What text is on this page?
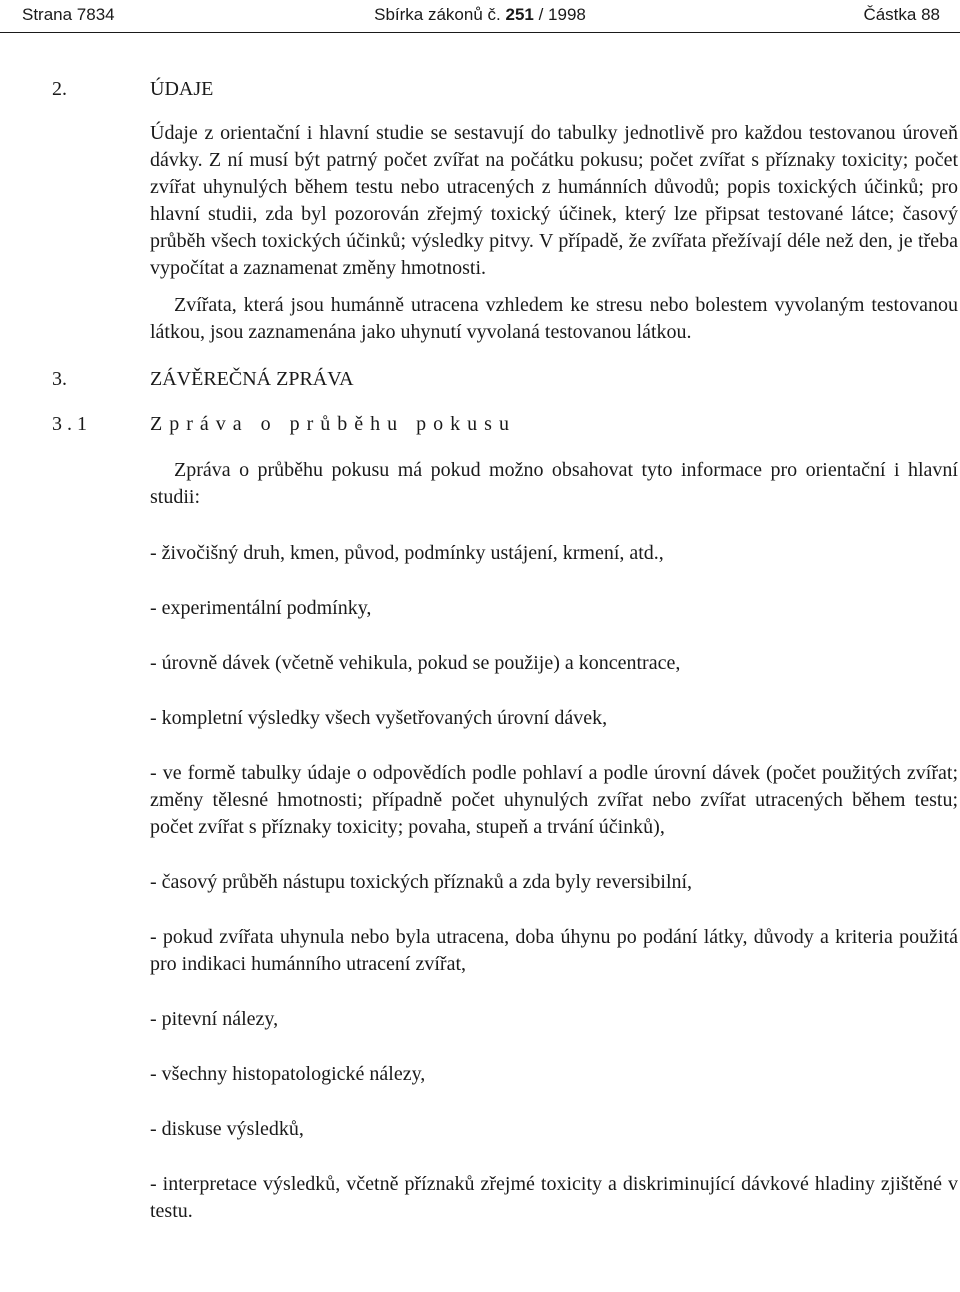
Strana 7834	Sbírka zákonů č. 251 / 1998	Částka 88
2.	ÚDAJE

Údaje z orientační i hlavní studie se sestavují do tabulky jednotlivě pro každou testovanou úroveň dávky. Z ní musí být patrný počet zvířat na počátku pokusu; počet zvířat s příznaky toxicity; počet zvířat uhynulých během testu nebo utracených z humánních důvodů; popis toxických účinků; pro hlavní studii, zda byl pozorován zřejmý toxický účinek, který lze připsat testované látce; časový průběh všech toxických účinků; výsledky pitvy. V případě, že zvířata přežívají déle než den, je třeba vypočítat a zaznamenat změny hmotnosti.

Zvířata, která jsou humánně utracena vzhledem ke stresu nebo bolestem vyvolaným testovanou látkou, jsou zaznamenána jako uhynutí vyvolaná testovanou látkou.

3.	ZÁVĚREČNÁ ZPRÁVA
3.1	Zpráva o průběhu pokusu

Zpráva o průběhu pokusu má pokud možno obsahovat tyto informace pro orientační i hlavní studii:

- živočišný druh, kmen, původ, podmínky ustájení, krmení, atd.,

- experimentální podmínky,

- úrovně dávek (včetně vehikula, pokud se použije) a koncentrace,

- kompletní výsledky všech vyšetřovaných úrovní dávek,

- ve formě tabulky údaje o odpovědích podle pohlaví a podle úrovní dávek (počet použitých zvířat; změny tělesné hmotnosti; případně počet uhynulých zvířat nebo zvířat utracených během testu; počet zvířat s příznaky toxicity; povaha, stupeň a trvání účinků),

- časový průběh nástupu toxických příznaků a zda byly reversibilní,

- pokud zvířata uhynula nebo byla utracena, doba úhynu po podání látky, důvody a kriteria použitá pro indikaci humánního utracení zvířat,

- pitevní nálezy,

- všechny histopatologické nálezy,

- diskuse výsledků,

- interpretace výsledků, včetně příznaků zřejmé toxicity a diskriminující dávkové hladiny zjištěné v testu.
